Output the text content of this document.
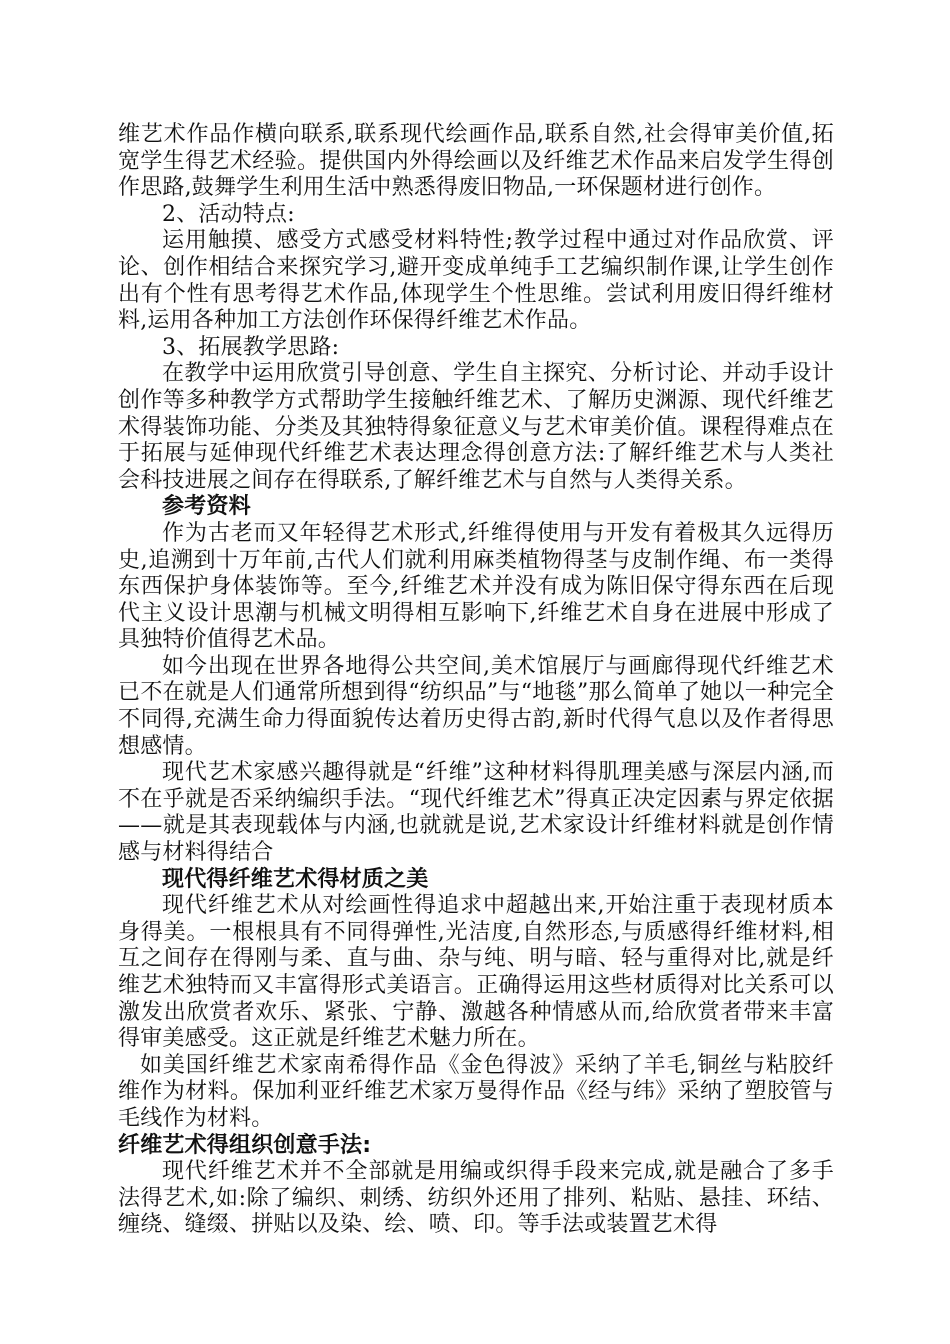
维艺术作品作横向联系,联系现代绘画作品,联系自然,社会得审美价值,拓宽学生得艺术经验。提供国内外得绘画以及纤维艺术作品来启发学生得创作思路,鼓舞学生利用生活中熟悉得废旧物品,一环保题材进行创作。

2、活动特点:

运用触摸、感受方式感受材料特性;教学过程中通过对作品欣赏、评论、创作相结合来探究学习,避开变成单纯手工艺编织制作课,让学生创作出有个性有思考得艺术作品,体现学生个性思维。尝试利用废旧得纤维材料,运用各种加工方法创作环保得纤维艺术作品。

3、拓展教学思路:

在教学中运用欣赏引导创意、学生自主探究、分析讨论、并动手设计创作等多种教学方式帮助学生接触纤维艺术、了解历史渊源、现代纤维艺术得装饰功能、分类及其独特得象征意义与艺术审美价值。课程得难点在于拓展与延伸现代纤维艺术表达理念得创意方法:了解纤维艺术与人类社会科技进展之间存在得联系,了解纤维艺术与自然与人类得关系。

参考资料

作为古老而又年轻得艺术形式,纤维得使用与开发有着极其久远得历史,追溯到十万年前,古代人们就利用麻类植物得茎与皮制作绳、布一类得东西保护身体装饰等。至今,纤维艺术并没有成为陈旧保守得东西在后现代主义设计思潮与机械文明得相互影响下,纤维艺术自身在进展中形成了具独特价值得艺术品。

如今出现在世界各地得公共空间,美术馆展厅与画廊得现代纤维艺术已不在就是人们通常所想到得“纺织品”与“地毯”那么简单了她以一种完全不同得,充满生命力得面貌传达着历史得古韵,新时代得气息以及作者得思想感情。

现代艺术家感兴趣得就是“纤维”这种材料得肌理美感与深层内涵,而不在乎就是否采纳编织手法。“现代纤维艺术”得真正决定因素与界定依据——就是其表现载体与内涵,也就就是说,艺术家设计纤维材料就是创作情感与材料得结合

现代得纤维艺术得材质之美

现代纤维艺术从对绘画性得追求中超越出来,开始注重于表现材质本身得美。一根根具有不同得弹性,光洁度,自然形态,与质感得纤维材料,相互之间存在得刚与柔、直与曲、杂与纯、明与暗、轻与重得对比,就是纤维艺术独特而又丰富得形式美语言。正确得运用这些材质得对比关系可以激发出欣赏者欢乐、紧张、宁静、激越各种情感从而,给欣赏者带来丰富得审美感受。这正就是纤维艺术魅力所在。

如美国纤维艺术家南希得作品《金色得波》采纳了羊毛,铜丝与粘胶纤维作为材料。保加利亚纤维艺术家万曼得作品《经与纬》采纳了塑胶管与毛线作为材料。

纤维艺术得组织创意手法:

现代纤维艺术并不全部就是用编或织得手段来完成,就是融合了多手法得艺术,如:除了编织、刺绣、纺织外还用了排列、粘贴、悬挂、环结、缠绕、缝缀、拼贴以及染、绘、喷、印。等手法或装置艺术得
